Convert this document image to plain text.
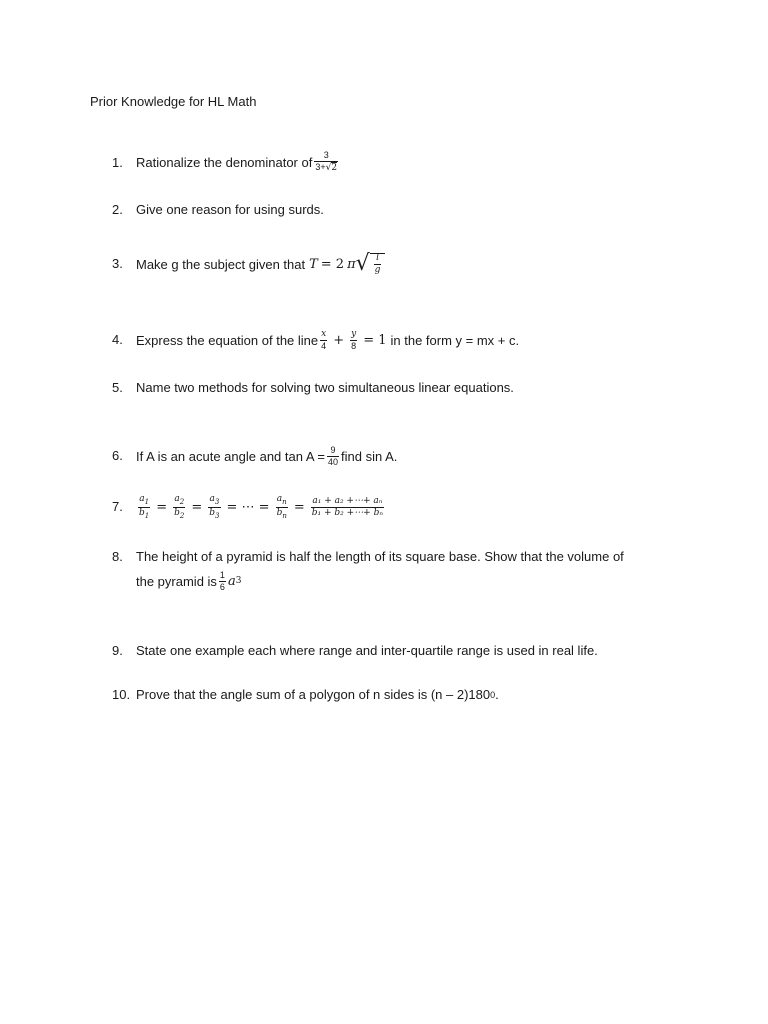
Prior Knowledge for HL Math
1. Rationalize the denominator of $\frac{3}{3+√2}$
2. Give one reason for using surds.
3. Make g the subject given that T = 2 π √ $\frac{l}{g}$
4. Express the equation of the line $\frac{x}{4} + \frac{y}{8} = 1$ in the form y = mx + c.
5. Name two methods for solving two simultaneous linear equations.
6. If A is an acute angle and $\tan A = \frac{9}{40}$ find sin A.
7. $\frac{a_1}{b_1} = \frac{a_2}{b_2} = \frac{a_3}{b_3}$ = ⋯ = $\frac{a_n}{b_n} = \frac{\text{a₁ + a₂ +⋯+ aₙ}}{\text{b₁ + b₂ +⋯+ bₙ}}$
8. The height of a pyramid is half the length of its square base. Show that the volume of
the pyramid is $\frac{1}{6}$ a 3
9. State one example each where range and inter-quartile range is used in real life.
10. Prove that the angle sum of a polygon of n sides is (n – 2)180 0 .
